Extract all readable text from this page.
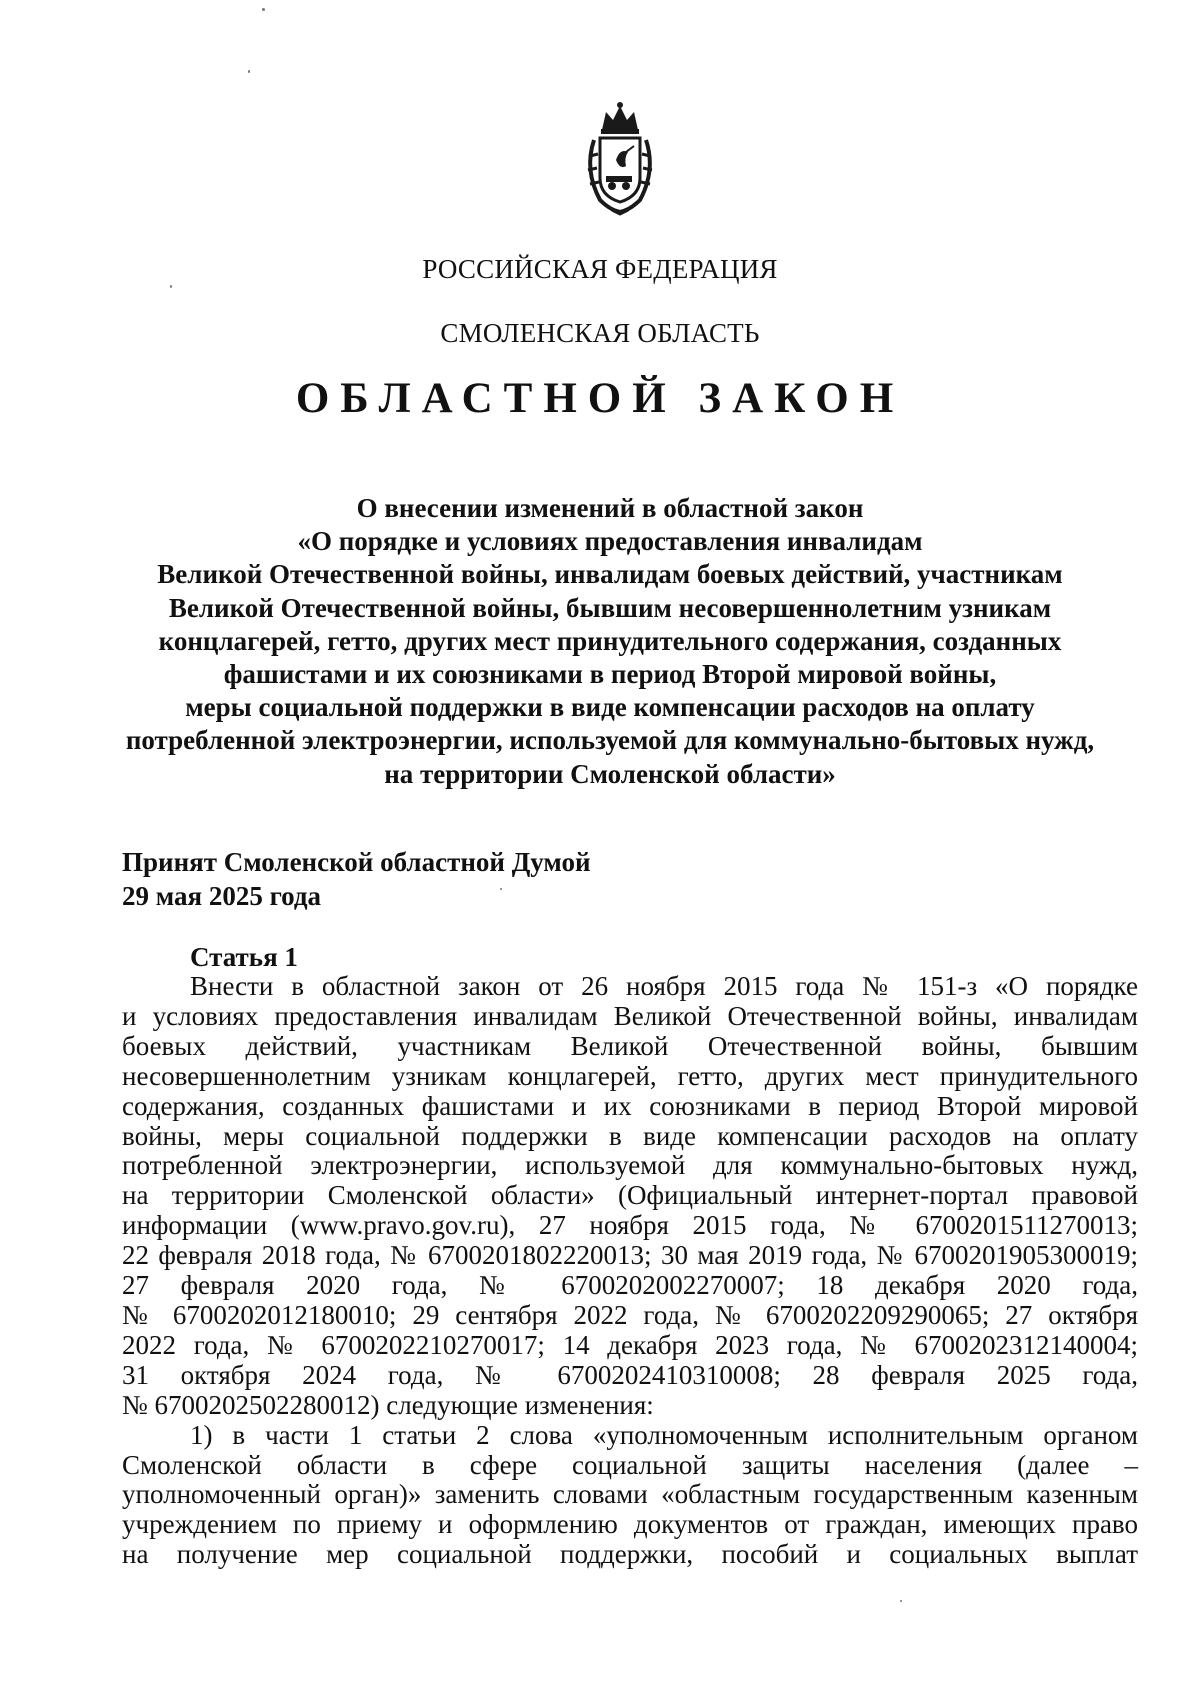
РОССИЙСКАЯ ФЕДЕРАЦИЯ
СМОЛЕНСКАЯ ОБЛАСТЬ
ОБЛАСТНОЙ ЗАКОН
О внесении изменений в областной закон
«О порядке и условиях предоставления инвалидам
Великой Отечественной войны, инвалидам боевых действий, участникам
Великой Отечественной войны, бывшим несовершеннолетним узникам
концлагерей, гетто, других мест принудительного содержания, созданных
фашистами и их союзниками в период Второй мировой войны,
меры социальной поддержки в виде компенсации расходов на оплату
потребленной электроэнергии, используемой для коммунально-бытовых нужд,
на территории Смоленской области»
Принят Смоленской областной Думой
29 мая 2025 года
Статья 1
Внести в областной закон от 26 ноября 2015 года № 151-з «О порядке
и условиях предоставления инвалидам Великой Отечественной войны, инвалидам
боевых действий, участникам Великой Отечественной войны, бывшим
несовершеннолетним узникам концлагерей, гетто, других мест принудительного
содержания, созданных фашистами и их союзниками в период Второй мировой
войны, меры социальной поддержки в виде компенсации расходов на оплату
потребленной электроэнергии, используемой для коммунально-бытовых нужд,
на территории Смоленской области» (Официальный интернет-портал правовой
информации (www.pravo.gov.ru), 27 ноября 2015 года, № 6700201511270013;
22 февраля 2018 года, № 6700201802220013; 30 мая 2019 года, № 6700201905300019;
27 февраля 2020 года, № 6700202002270007; 18 декабря 2020 года,
№ 6700202012180010; 29 сентября 2022 года, № 6700202209290065; 27 октября
2022 года, № 6700202210270017; 14 декабря 2023 года, № 6700202312140004;
31 октября 2024 года, № 6700202410310008; 28 февраля 2025 года,
№ 6700202502280012) следующие изменения:
1) в части 1 статьи 2 слова «уполномоченным исполнительным органом
Смоленской области в сфере социальной защиты населения (далее –
уполномоченный орган)» заменить словами «областным государственным казенным
учреждением по приему и оформлению документов от граждан, имеющих право
на получение мер социальной поддержки, пособий и социальных выплат
